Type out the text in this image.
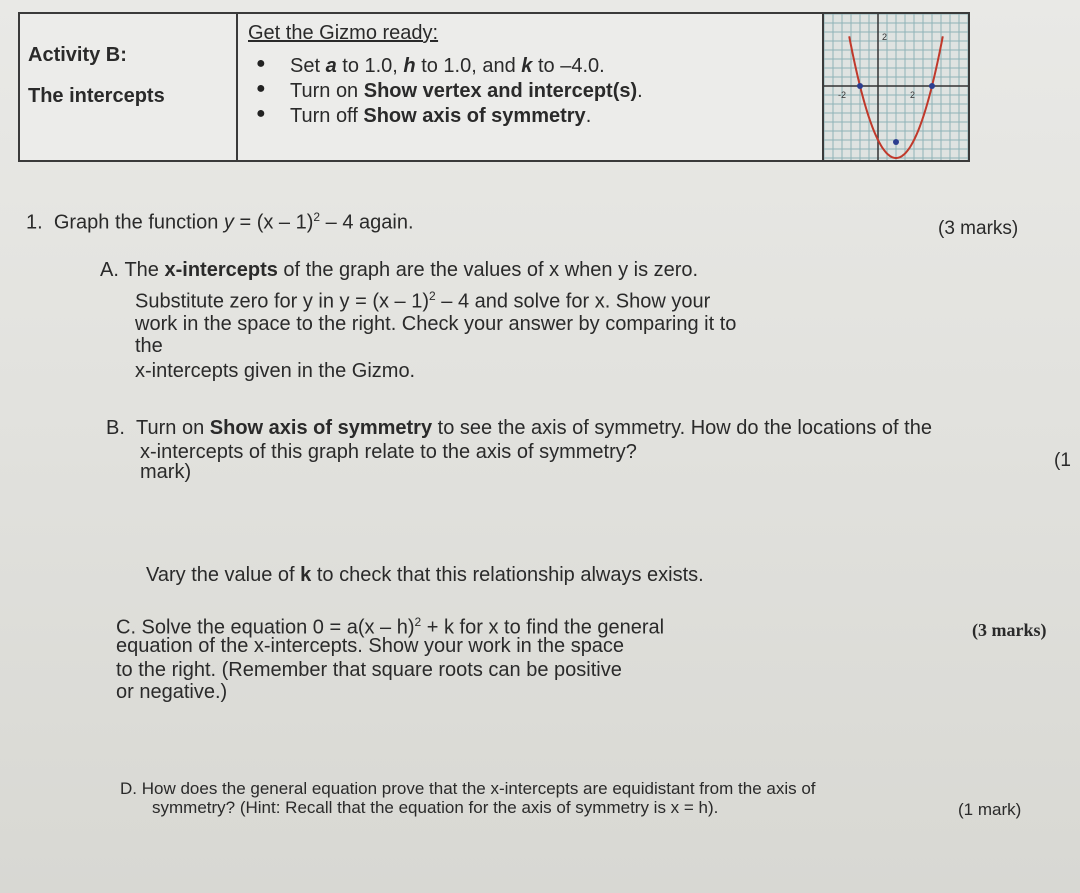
Activity B:

The intercepts

Get the Gizmo ready:

● Set a to 1.0, h to 1.0, and k to –4.0.
● Turn on Show vertex and intercept(s).
● Turn off Show axis of symmetry.
2
-2	2

1. Graph the function y = (x – 1)$^2$ – 4 again.	(3 marks)

A. The x-intercepts of the graph are the values of x when y is zero.

Substitute zero for y in y = (x – 1)$^2$ – 4 and solve for x. Show your

work in the space to the right. Check your answer by comparing it to

the

x-intercepts given in the Gizmo.

B. Turn on Show axis of symmetry to see the axis of symmetry. How do the locations of the

x-intercepts of this graph relate to the axis of symmetry?

mark)

(1

Vary the value of k to check that this relationship always exists.

C. Solve the equation 0 = a(x – h)$^2$ + k for x to find the general

equation of the x-intercepts. Show your work in the space

to the right. (Remember that square roots can be positive

or negative.)

(3 marks)

D. How does the general equation prove that the x-intercepts are equidistant from the axis of

symmetry? (Hint: Recall that the equation for the axis of symmetry is x = h).	(1 mark)
